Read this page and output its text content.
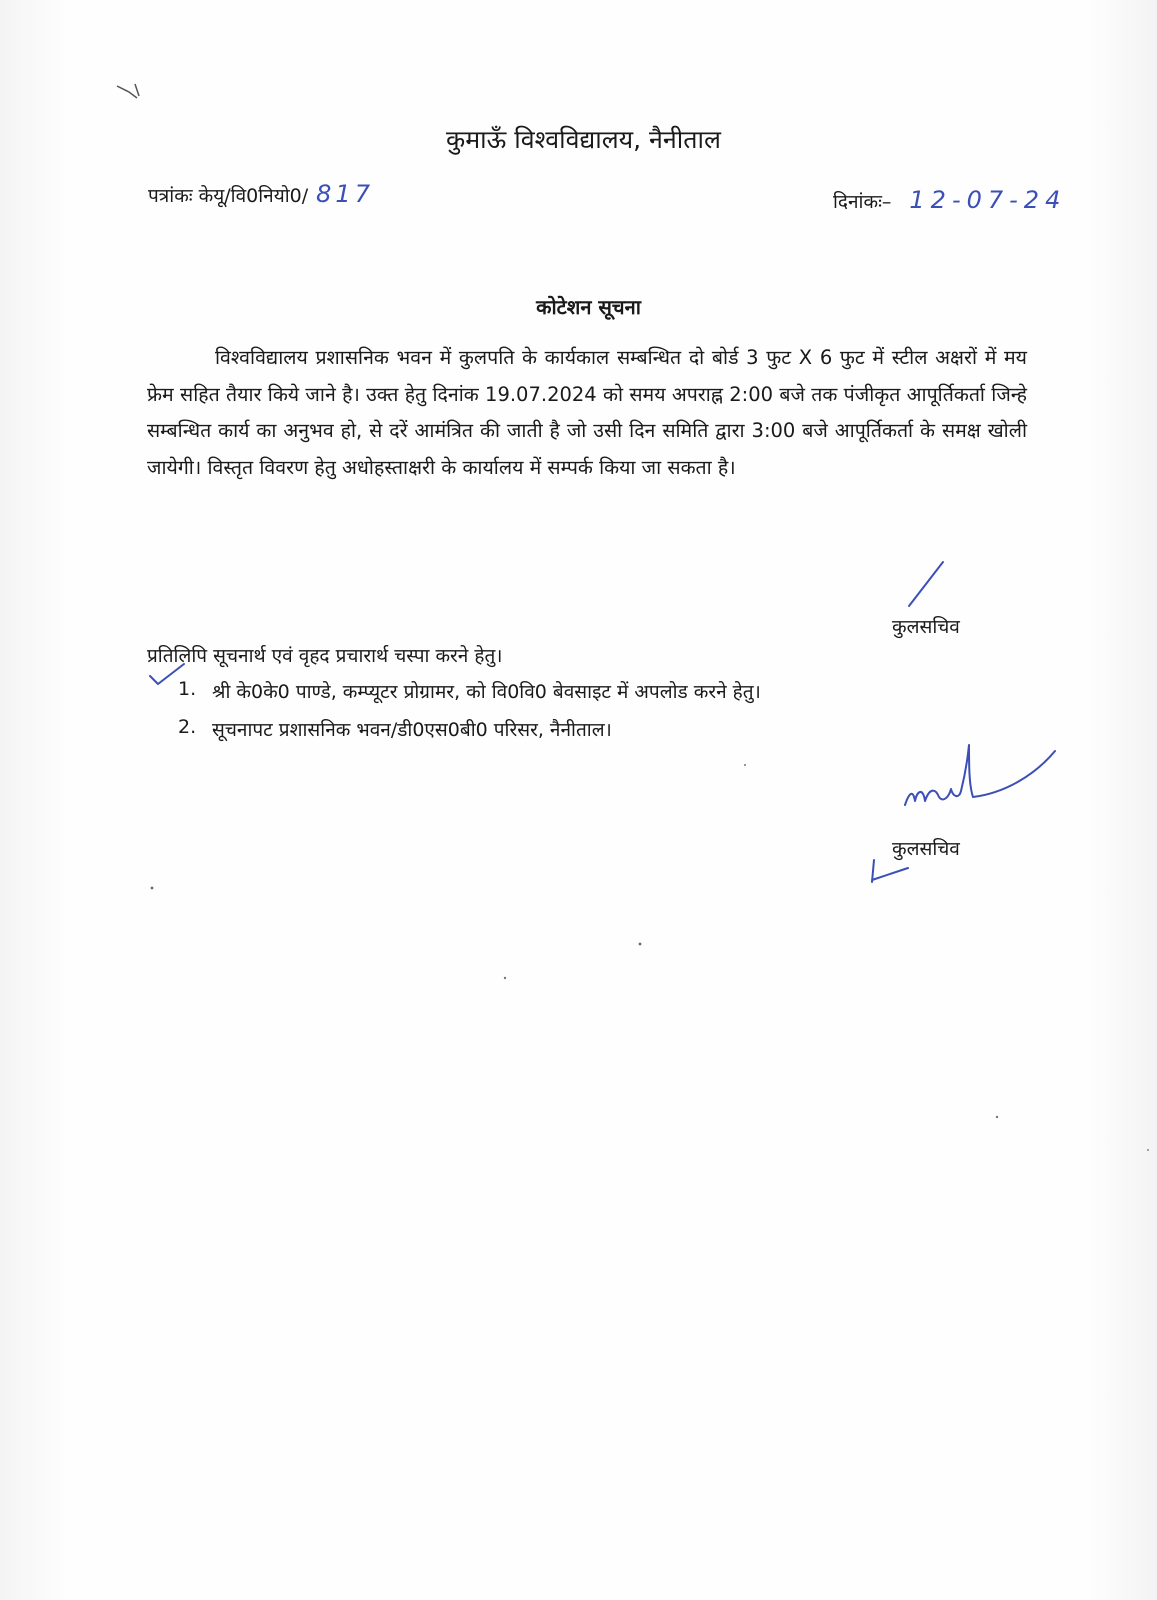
कुमाऊँ विश्वविद्यालय, नैनीताल
पत्रांकः केयू/वि0नियो0/ 817	दिनांकः– 12-07-24
कोटेशन सूचना
विश्वविद्यालय प्रशासनिक भवन में कुलपति के कार्यकाल सम्बन्धित दो बोर्ड 3 फुट X 6 फुट में स्टील अक्षरों में मय फ्रेम सहित तैयार किये जाने है। उक्त हेतु दिनांक 19.07.2024 को समय अपराह्न 2:00 बजे तक पंजीकृत आपूर्तिकर्ता जिन्हे सम्बन्धित कार्य का अनुभव हो, से दरें आमंत्रित की जाती है जो उसी दिन समिति द्वारा 3:00 बजे आपूर्तिकर्ता के समक्ष खोली जायेगी। विस्तृत विवरण हेतु अधोहस्ताक्षरी के कार्यालय में सम्पर्क किया जा सकता है।
कुलसचिव
प्रतिलिपि सूचनार्थ एवं वृहद प्रचारार्थ चस्पा करने हेतु।
1. श्री के0के0 पाण्डे, कम्प्यूटर प्रोग्रामर, को वि0वि0 बेवसाइट में अपलोड करने हेतु।
2. सूचनापट प्रशासनिक भवन/डी0एस0बी0 परिसर, नैनीताल।
कुलसचिव
